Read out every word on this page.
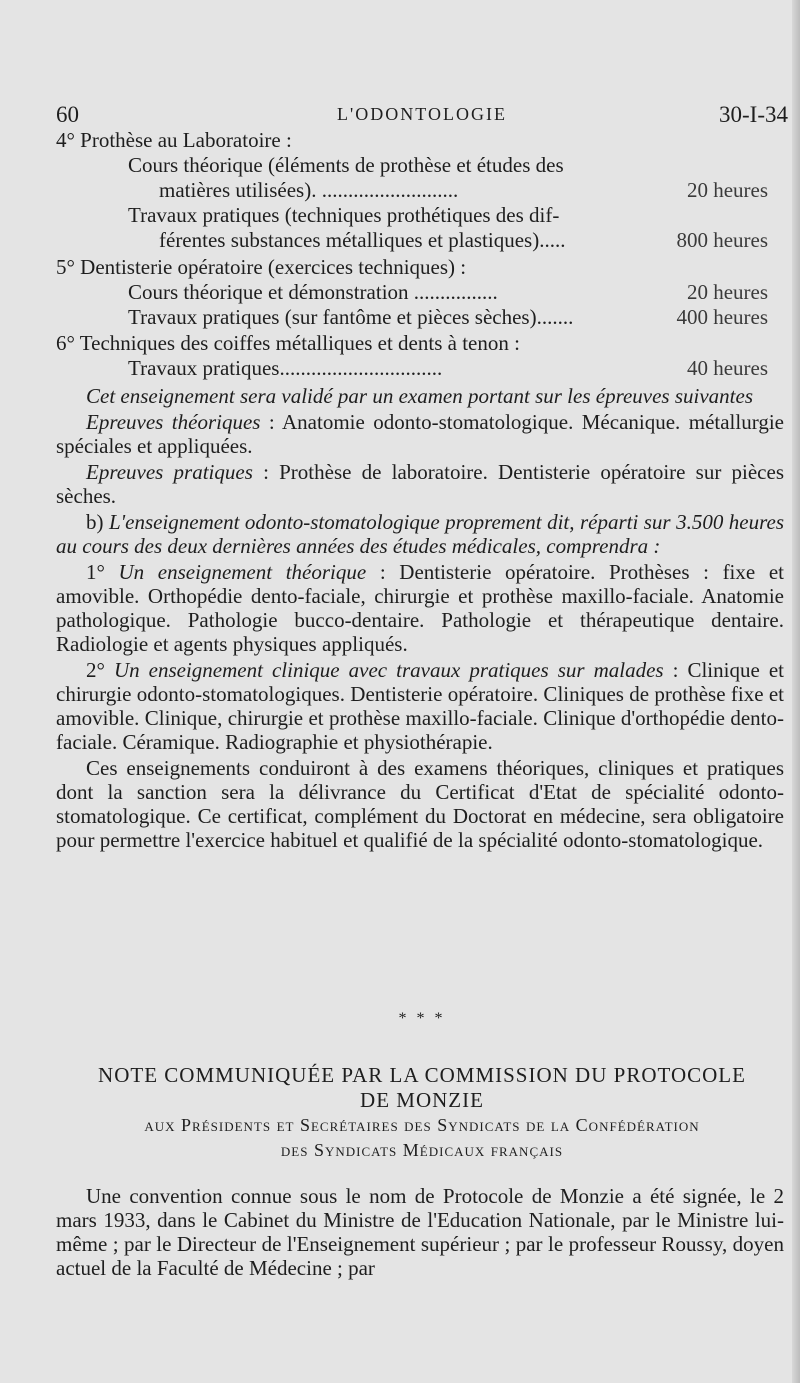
60	L'ODONTOLOGIE	30-I-34
4° Prothèse au Laboratoire :
Cours théorique (éléments de prothèse et études des
matières utilisées). ..........................	20 heures
Travaux pratiques (techniques prothétiques des dif-
férentes substances métalliques et plastiques).....	800 heures
5° Dentisterie opératoire (exercices techniques) :
Cours théorique et démonstration ................	20 heures
Travaux pratiques (sur fantôme et pièces sèches).......	400 heures
6° Techniques des coiffes métalliques et dents à tenon :
Travaux pratiques...............................	40 heures

Cet enseignement sera validé par un examen portant sur les épreuves suivantes

Epreuves théoriques : Anatomie odonto-stomatologique. Mécanique. métallurgie spéciales et appliquées.

Epreuves pratiques : Prothèse de laboratoire. Dentisterie opératoire sur pièces sèches.

b) L'enseignement odonto-stomatologique proprement dit, réparti sur 3.500 heures au cours des deux dernières années des études médicales, comprendra :

1° Un enseignement théorique : Dentisterie opératoire. Prothèses : fixe et amovible. Orthopédie dento-faciale, chirurgie et prothèse maxillo-faciale. Anatomie pathologique. Pathologie bucco-dentaire. Pathologie et thérapeutique dentaire. Radiologie et agents physiques appliqués.

2° Un enseignement clinique avec travaux pratiques sur malades : Clinique et chirurgie odonto-stomatologiques. Dentisterie opératoire. Cliniques de prothèse fixe et amovible. Clinique, chirurgie et prothèse maxillo-faciale. Clinique d'orthopédie dento-faciale. Céramique. Radiographie et physiothérapie.

Ces enseignements conduiront à des examens théoriques, cliniques et pratiques dont la sanction sera la délivrance du Certificat d'Etat de spécialité odonto-stomatologique. Ce certificat, complément du Doctorat en médecine, sera obligatoire pour permettre l'exercice habituel et qualifié de la spécialité odonto-stomatologique.

* * *
NOTE COMMUNIQUÉE PAR LA COMMISSION DU PROTOCOLE
DE MONZIE
aux Présidents et Secrétaires des Syndicats de la Confédération
des Syndicats Médicaux français

Une convention connue sous le nom de Protocole de Monzie a été signée, le 2 mars 1933, dans le Cabinet du Ministre de l'Education Nationale, par le Ministre lui-même ; par le Directeur de l'Enseignement supérieur ; par le professeur Roussy, doyen actuel de la Faculté de Médecine ; par
